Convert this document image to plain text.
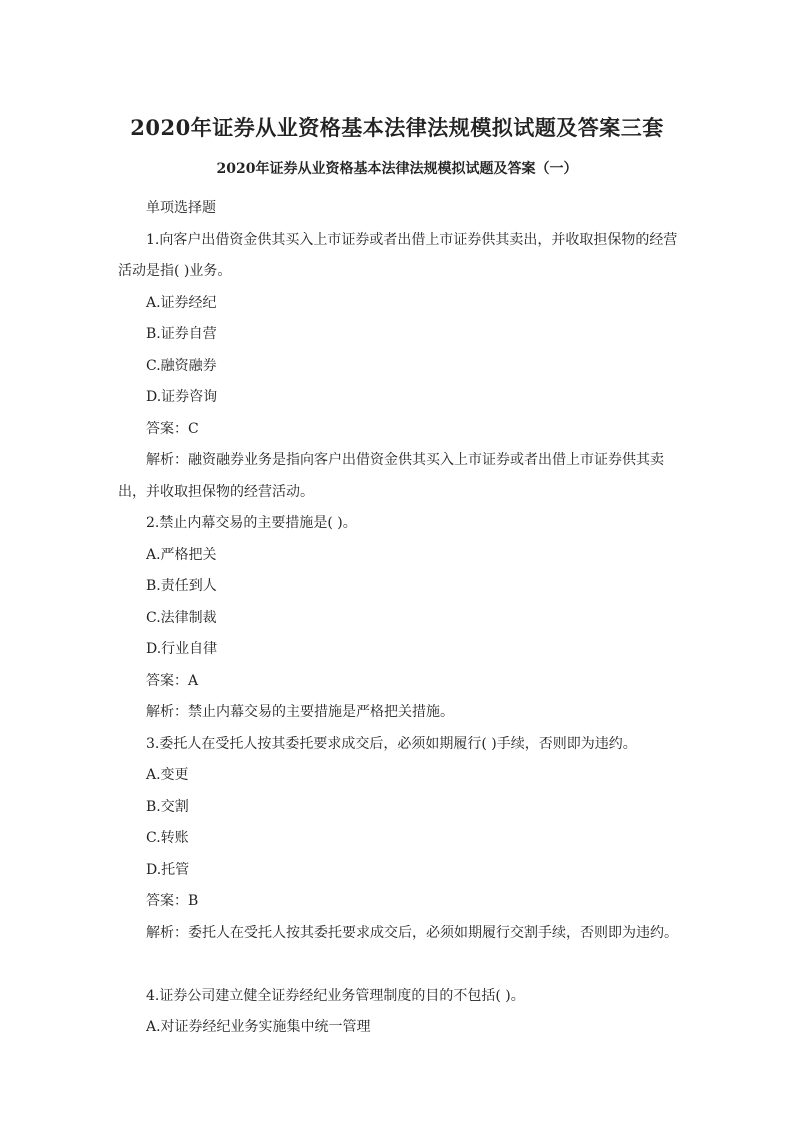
2020年证券从业资格基本法律法规模拟试题及答案三套
2020年证券从业资格基本法律法规模拟试题及答案（一）

单项选择题

1.向客户出借资金供其买入上市证券或者出借上市证券供其卖出，并收取担保物的经营活动是指( )业务。

A.证券经纪

B.证券自营

C.融资融券

D.证券咨询

答案：C

解析：融资融券业务是指向客户出借资金供其买入上市证券或者出借上市证券供其卖出，并收取担保物的经营活动。

2.禁止内幕交易的主要措施是( )。

A.严格把关

B.责任到人

C.法律制裁

D.行业自律

答案：A

解析：禁止内幕交易的主要措施是严格把关措施。

3.委托人在受托人按其委托要求成交后，必须如期履行( )手续，否则即为违约。

A.变更

B.交割

C.转账

D.托管

答案：B

解析：委托人在受托人按其委托要求成交后，必须如期履行交割手续，否则即为违约。

4.证券公司建立健全证券经纪业务管理制度的目的不包括( )。

A.对证券经纪业务实施集中统一管理
